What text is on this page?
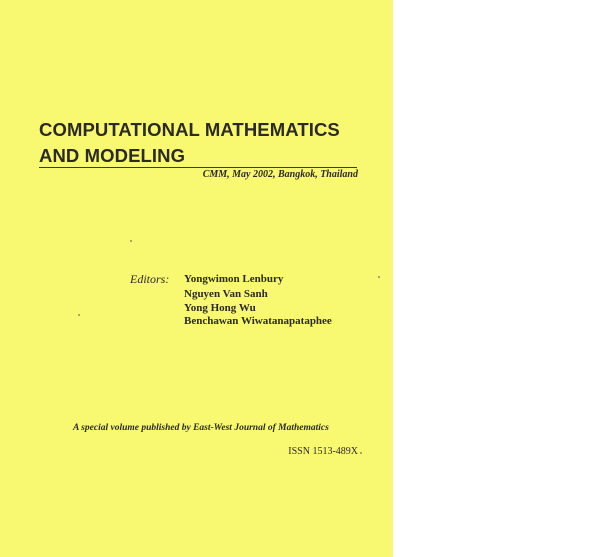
COMPUTATIONAL MATHEMATICS
AND MODELING
CMM, May 2002, Bangkok, Thailand
Editors: Yongwimon Lenbury
Nguyen Van Sanh
Yong Hong Wu
Benchawan Wiwatanapataphee
A special volume published by East-West Journal of Mathematics
ISSN 1513-489X
